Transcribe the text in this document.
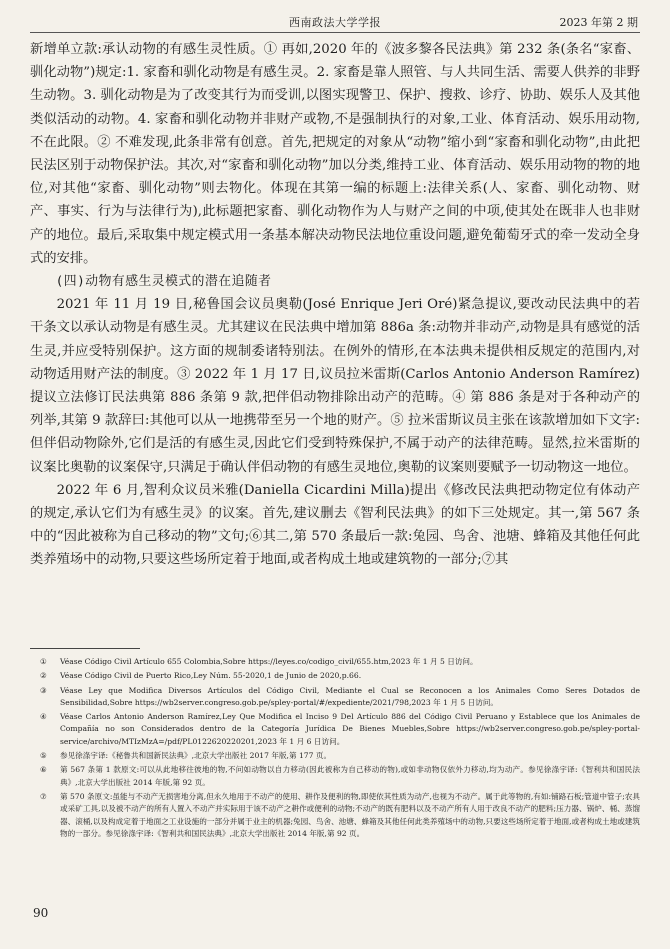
西南政法大学学报	2023 年第 2 期

新增单立款:承认动物的有感生灵性质。① 再如,2020 年的《波多黎各民法典》第 232 条(条名“家畜、驯化动物”)规定:1. 家畜和驯化动物是有感生灵。2. 家畜是靠人照管、与人共同生活、需要人供养的非野生动物。3. 驯化动物是为了改变其行为而受训,以图实现警卫、保护、搜救、诊疗、协助、娱乐人及其他类似活动的动物。4. 家畜和驯化动物并非财产或物,不是强制执行的对象,工业、体育活动、娱乐用动物,不在此限。② 不难发现,此条非常有创意。首先,把规定的对象从“动物”缩小到“家畜和驯化动物”,由此把民法区别于动物保护法。其次,对“家畜和驯化动物”加以分类,维持工业、体育活动、娱乐用动物的物的地位,对其他“家畜、驯化动物”则去物化。体现在其第一编的标题上:法律关系(人、家畜、驯化动物、财产、事实、行为与法律行为),此标题把家畜、驯化动物作为人与财产之间的中项,使其处在既非人也非财产的地位。最后,采取集中规定模式用一条基本解决动物民法地位重设问题,避免葡萄牙式的牵一发动全身式的安排。

(四)动物有感生灵模式的潜在追随者

2021 年 11 月 19 日,秘鲁国会议员奥勒(José Enrique Jeri Oré)紧急提议,要改动民法典中的若干条文以承认动物是有感生灵。尤其建议在民法典中增加第 886a 条:动物并非动产,动物是具有感觉的活生灵,并应受特别保护。这方面的规制委诸特别法。在例外的情形,在本法典未提供相反规定的范围内,对动物适用财产法的制度。③ 2022 年 1 月 17 日,议员拉米雷斯(Carlos Antonio Anderson Ramírez)提议立法修订民法典第 886 条第 9 款,把伴侣动物排除出动产的范畴。④ 第 886 条是对于各种动产的列举,其第 9 款辞曰:其他可以从一地携带至另一个地的财产。⑤ 拉米雷斯议员主张在该款增加如下文字:但伴侣动物除外,它们是活的有感生灵,因此它们受到特殊保护,不属于动产的法律范畴。显然,拉米雷斯的议案比奥勒的议案保守,只满足于确认伴侣动物的有感生灵地位,奥勒的议案则要赋予一切动物这一地位。

2022 年 6 月,智利众议员米雅(Daniella Cicardini Milla)提出《修改民法典把动物定位有体动产的规定,承认它们为有感生灵》的议案。首先,建议删去《智利民法典》的如下三处规定。其一,第 567 条中的“因此被称为自己移动的物”文句;⑥其二,第 570 条最后一款:兔园、鸟舍、池塘、蜂箱及其他任何此类养殖场中的动物,只要这些场所定着于地面,或者构成土地或建筑物的一部分;⑦其

① Véase Código Civil Artículo 655 Colombia,Sobre https://leyes.co/codigo_civil/655.htm,2023 年 1 月 5 日访问。
② Véase Código Civil de Puerto Rico,Ley Núm. 55-2020,1 de Junio de 2020,p.66.
③ Véase Ley que Modifica Diversos Artículos del Código Civil, Mediante el Cual se Reconocen a los Animales Como Seres Dotados de Sensibilidad,Sobre https://wb2server.congreso.gob.pe/spley-portal/#/expediente/2021/798,2023 年 1 月 5 日访问。
④ Véase Carlos Antonio Anderson Ramírez,Ley Que Modifica el Inciso 9 Del Artículo 886 del Código Civil Peruano y Establece que los Animales de Compañía no son Considerados dentro de la Categoría Jurídica De Bienes Muebles,Sobre https://wb2server.congreso.gob.pe/spley-portal-service/archivo/MTIzMzA=/pdf/PL0122620220201,2023 年 1 月 6 日访问。
⑤ 参见徐涤宇译:《秘鲁共和国新民法典》,北京大学出版社 2017 年版,第 177 页。
⑥ 第 567 条第 1 款原文:可以从此地移往彼地的物,不问如动物以自力移动(因此被称为自己移动的物),或如非动物仅依外力移动,均为动产。参见徐涤宇译:《智利共和国民法典》,北京大学出版社 2014 年版,第 92 页。
⑦ 第 570 条原文:虽能与不动产无损害地分离,但永久地用于不动产的使用、耕作及便利的物,即使依其性质为动产,也视为不动产。属于此等物的,有如:铺路石板;管道中管子;农具或采矿工具,以及被不动产的所有人置入不动产并实际用于该不动产之耕作或便利的动物;不动产的既有肥料以及不动产所有人用于改良不动产的肥料;压力器、锅炉、桶、蒸馏器、滚桶,以及构成定着于地面之工业设施的一部分并属于业主的机器;兔园、鸟舍、池塘、蜂箱及其他任何此类养殖场中的动物,只要这些场所定着于地面,或者构成土地或建筑物的一部分。参见徐涤宇译:《智利共和国民法典》,北京大学出版社 2014 年版,第 92 页。
90
